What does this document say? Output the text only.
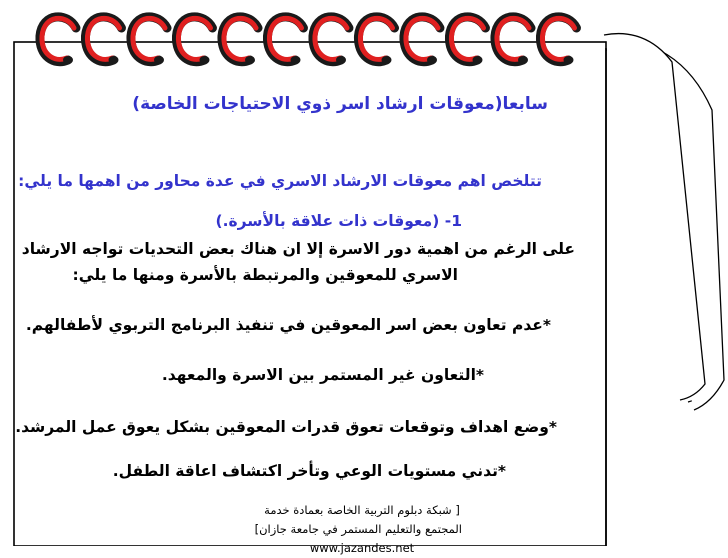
سابعا(معوقات ارشاد اسر ذوي الاحتياجات الخاصة)
تتلخص اهم معوقات الارشاد الاسري في عدة محاور من اهمها ما يلي:
1- (معوقات ذات علاقة بالأسرة.)
على الرغم من اهمية دور الاسرة إلا ان هناك بعض التحديات تواجه الارشاد
الاسري للمعوقين والمرتبطة بالأسرة ومنها ما يلي:
*عدم تعاون بعض اسر المعوقين في تنفيذ البرنامج التربوي لأطفالهم.
*التعاون غير المستمر بين الاسرة والمعهد.
*وضع اهداف وتوقعات تعوق قدرات المعوقين بشكل يعوق عمل المرشد.
*تدني مستويات الوعي وتأخر اكتشاف اعاقة الطفل.
[ شبكة دبلوم التربية الخاصة بعمادة خدمة
المجتمع والتعليم المستمر في جامعة جازان]
www.jazandes.net
